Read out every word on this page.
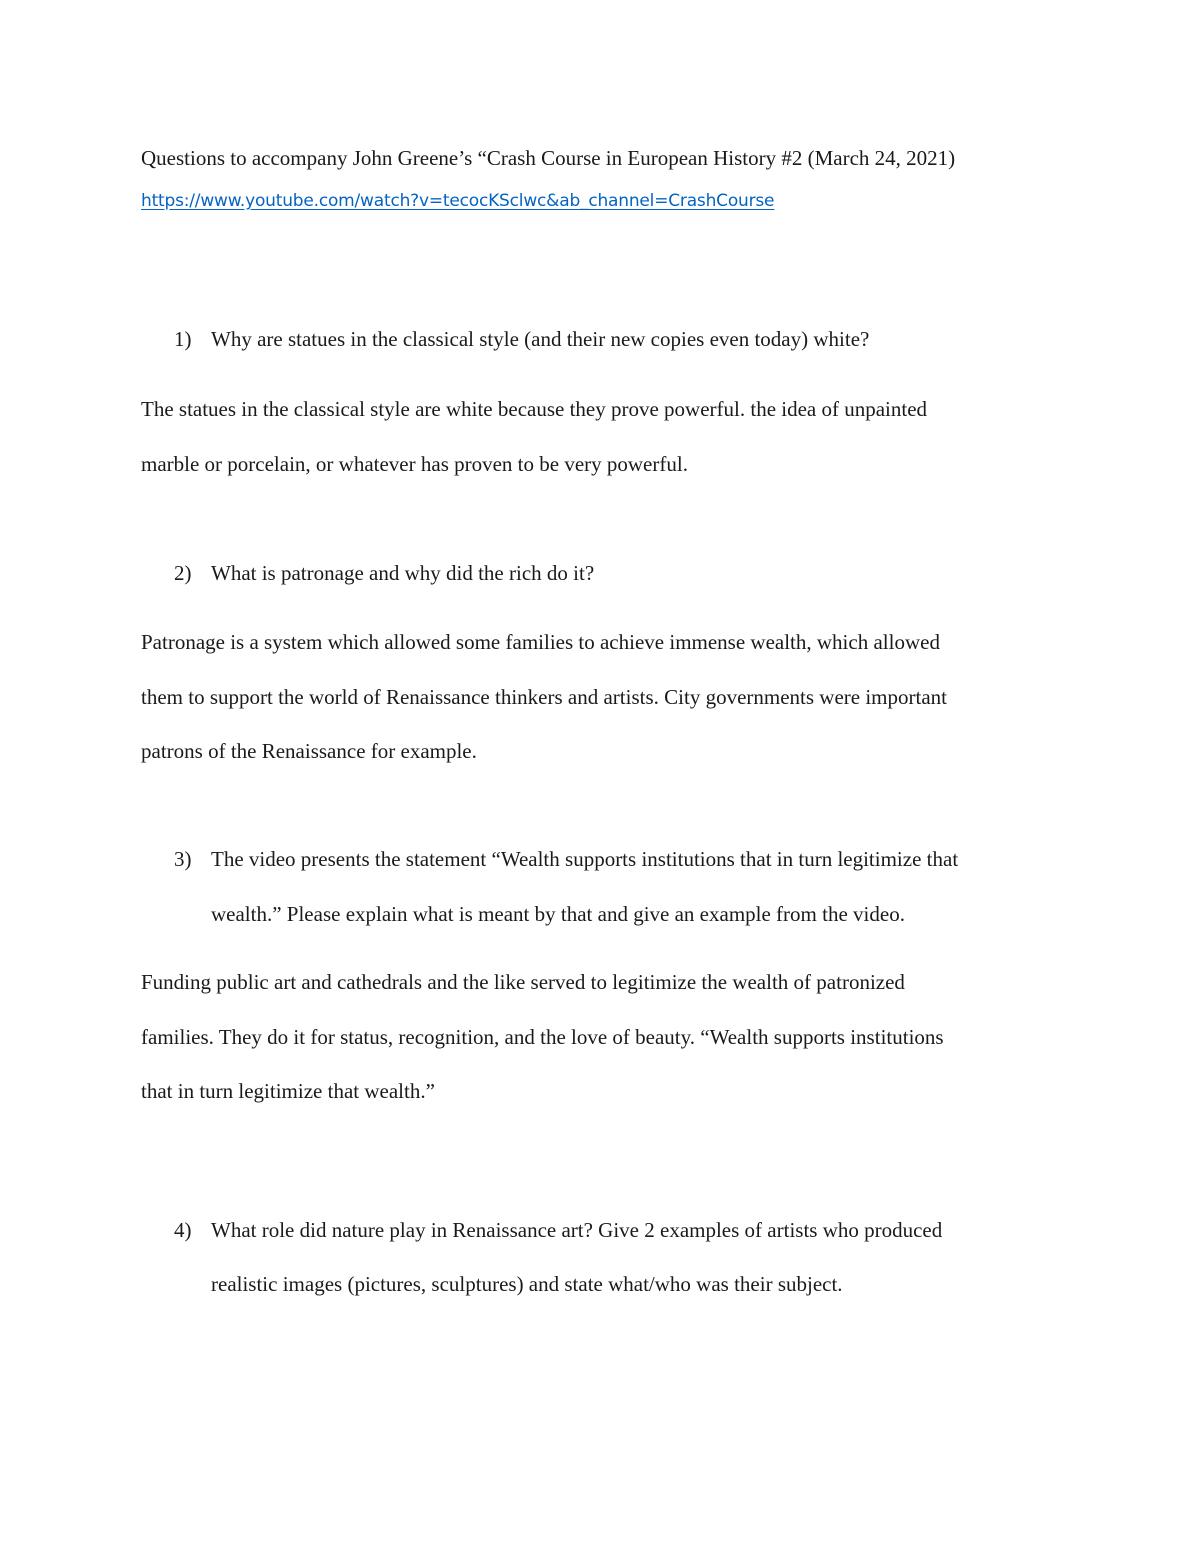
Questions to accompany John Greene’s “Crash Course in European History #2 (March 24, 2021)

https://www.youtube.com/watch?v=tecocKSclwc&ab_channel=CrashCourse
1) Why are statues in the classical style (and their new copies even today) white?

The statues in the classical style are white because they prove powerful. the idea of unpainted

marble or porcelain, or whatever has proven to be very powerful.

2) What is patronage and why did the rich do it?

Patronage is a system which allowed some families to achieve immense wealth, which allowed

them to support the world of Renaissance thinkers and artists. City governments were important

patrons of the Renaissance for example.

3) The video presents the statement “Wealth supports institutions that in turn legitimize that
wealth.” Please explain what is meant by that and give an example from the video.

Funding public art and cathedrals and the like served to legitimize the wealth of patronized

families. They do it for status, recognition, and the love of beauty. “Wealth supports institutions

that in turn legitimize that wealth.”

4) What role did nature play in Renaissance art? Give 2 examples of artists who produced
realistic images (pictures, sculptures) and state what/who was their subject.
